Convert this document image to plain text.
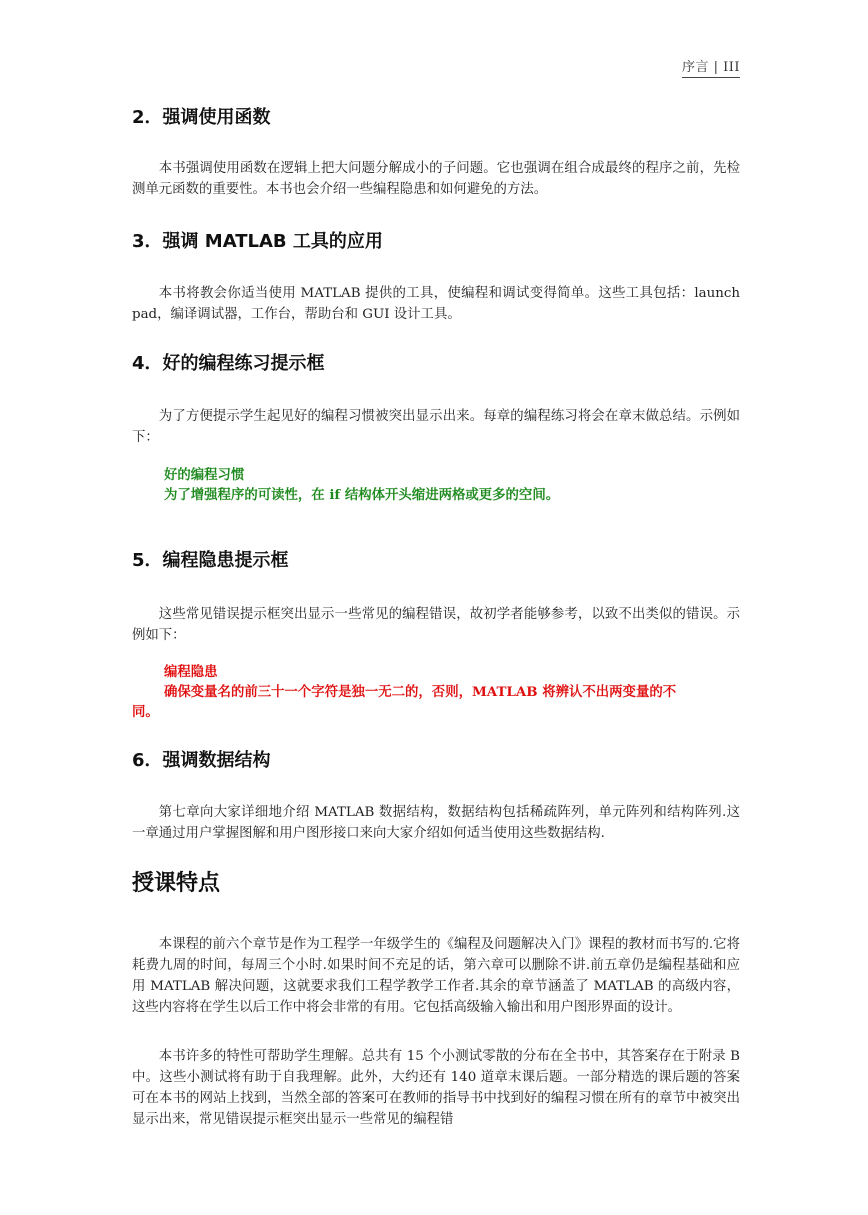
序言 | III
2．强调使用函数

本书强调使用函数在逻辑上把大问题分解成小的子问题。它也强调在组合成最终的程序之前，先检测单元函数的重要性。本书也会介绍一些编程隐患和如何避免的方法。

3．强调 MATLAB 工具的应用

本书将教会你适当使用 MATLAB 提供的工具，使编程和调试变得简单。这些工具包括：launch pad，编译调试器，工作台，帮助台和 GUI 设计工具。

4．好的编程练习提示框

为了方便提示学生起见好的编程习惯被突出显示出来。每章的编程练习将会在章末做总结。示例如下：

好的编程习惯
为了增强程序的可读性，在 if 结构体开头缩进两格或更多的空间。
5．编程隐患提示框

这些常见错误提示框突出显示一些常见的编程错误，故初学者能够参考，以致不出类似的错误。示例如下：

编程隐患
确保变量名的前三十一个字符是独一无二的，否则，MATLAB 将辨认不出两变量的不
同。
6．强调数据结构

第七章向大家详细地介绍 MATLAB 数据结构，数据结构包括稀疏阵列，单元阵列和结构阵列.这一章通过用户掌握图解和用户图形接口来向大家介绍如何适当使用这些数据结构.

授课特点

本课程的前六个章节是作为工程学一年级学生的《编程及问题解决入门》课程的教材而书写的.它将耗费九周的时间，每周三个小时.如果时间不充足的话，第六章可以删除不讲.前五章仍是编程基础和应用 MATLAB 解决问题，这就要求我们工程学教学工作者.其余的章节涵盖了 MATLAB 的高级内容，这些内容将在学生以后工作中将会非常的有用。它包括高级输入输出和用户图形界面的设计。

本书许多的特性可帮助学生理解。总共有 15 个小测试零散的分布在全书中，其答案存在于附录 B 中。这些小测试将有助于自我理解。此外，大约还有 140 道章末课后题。一部分精选的课后题的答案可在本书的网站上找到，当然全部的答案可在教师的指导书中找到好的编程习惯在所有的章节中被突出显示出来，常见错误提示框突出显示一些常见的编程错
